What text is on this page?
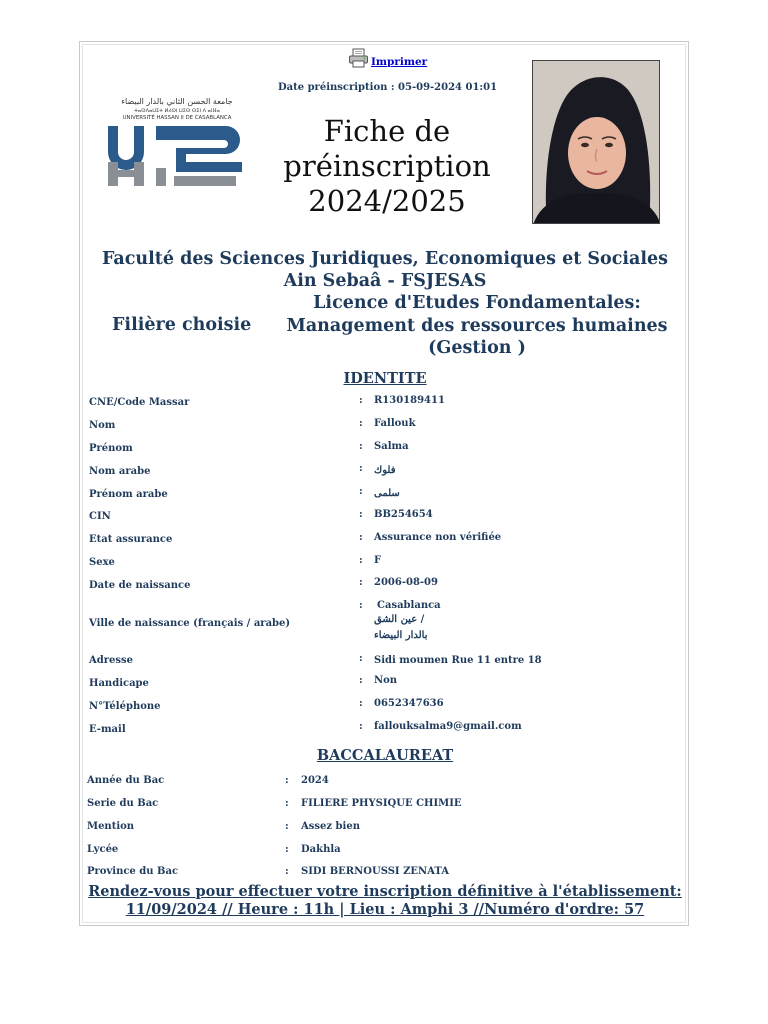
Imprimer
Date préinscription : 05-09-2024 01:01
جامعة الحسن الثاني بالدار البيضاء
ⵜⴰⵙⴷⴰⵡⵉⵜ ⵍⵃⵙⵏ ⵡⵉⵙ ⵙⵉⵏ ⴷ ⴰⵏⴼⴰ
UNIVERSITÉ HASSAN II DE CASABLANCA	Fiche de
préinscription
2024/2025
Faculté des Sciences Juridiques, Economiques et Sociales
Ain Sebaâ - FSJESAS
Filière choisie
Licence d'Etudes Fondamentales:
Management des ressources humaines
(Gestion )
IDENTITE
CNE/Code Massar	: R130189411
Nom	: Fallouk
Prénom	: Salma
Nom arabe	: فلوك
Prénom arabe	: سلمى
CIN	: BB254654
Etat assurance	: Assurance non vérifiée
Sexe	: F
Date de naissance	: 2006-08-09
Ville de naissance (français / arabe)
: Casablanca
عين الشق /
بالدار البيضاء
Adresse	: Sidi moumen Rue 11 entre 18
Handicape	: Non
N°Téléphone	: 0652347636
E-mail	: fallouksalma9@gmail.com
BACCALAUREAT
Année du Bac	: 2024
Serie du Bac	: FILIERE PHYSIQUE CHIMIE
Mention	: Assez bien
Lycée	: Dakhla
Province du Bac	: SIDI BERNOUSSI ZENATA
Rendez-vous pour effectuer votre inscription définitive à l'établissement:
11/09/2024 // Heure : 11h | Lieu : Amphi 3 //Numéro d'ordre: 57
